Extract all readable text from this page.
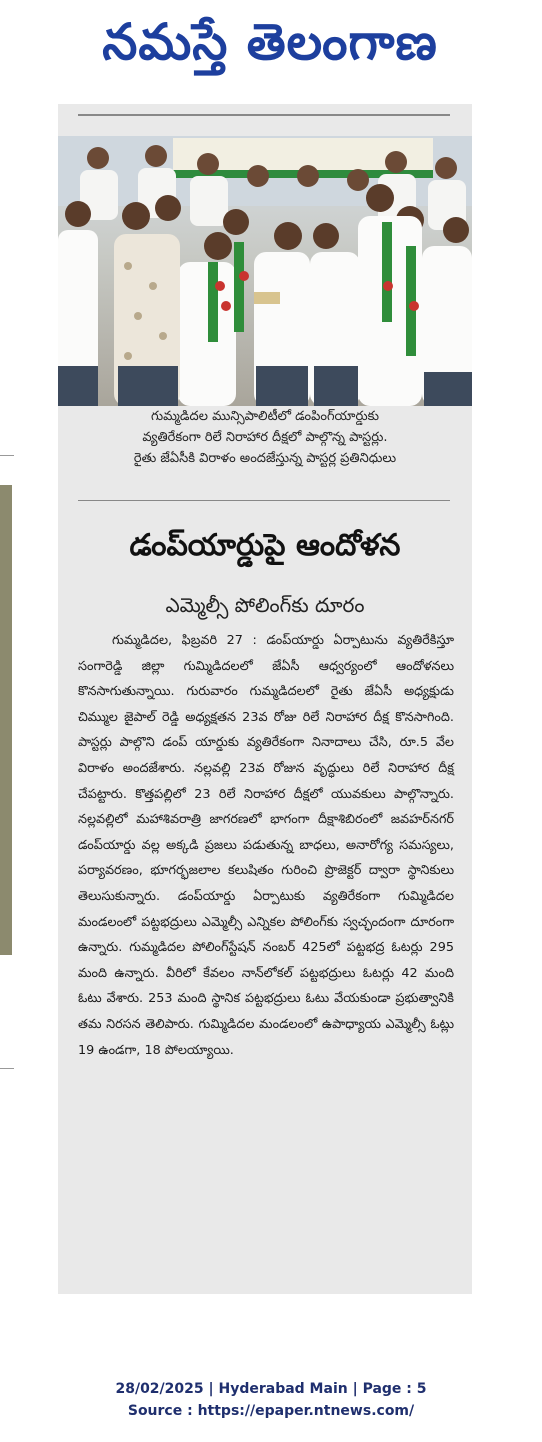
నమస్తే తెలంగాణ
గుమ్మడిదల మున్సిపాలిటీలో డంపింగ్‌యార్డుకు
వ్యతిరేకంగా రిలే నిరాహార దీక్షలో పాల్గొన్న పాస్టర్లు.
రైతు జేఏసీకి విరాళం అందజేస్తున్న పాస్టర్ల ప్రతినిధులు
డంప్‌యార్డుపై ఆందోళన
ఎమ్మెల్సీ పోలింగ్‌కు దూరం
గుమ్మడిదల, ఫిబ్రవరి 27 : డంప్‌యార్డు ఏర్పాటును వ్యతిరేకిస్తూ సంగారెడ్డి జిల్లా గుమ్మిడిదలలో జేఏసీ ఆధ్వర్యంలో ఆందోళనలు కొనసాగుతున్నాయి. గురువారం గుమ్మడిదలలో రైతు జేఏసీ అధ్యక్షుడు చిమ్ముల జైపాల్ రెడ్డి అధ్యక్షతన 23వ రోజు రిలే నిరాహార దీక్ష కొనసాగింది. పాస్టర్లు పాల్గొని డంప్ యార్డుకు వ్యతిరేకంగా నినాదాలు చేసి, రూ.5 వేల విరాళం అందజేశారు. నల్లవల్లి 23వ రోజున వృద్ధులు రిలే నిరాహార దీక్ష చేపట్టారు. కొత్తపల్లిలో 23 రిలే నిరాహార దీక్షలో యువకులు పాల్గొన్నారు. నల్లవల్లిలో మహాశివరాత్రి జాగరణలో భాగంగా దీక్షాశిబిరంలో జవహర్‌నగర్ డంప్‌యార్డు వల్ల అక్కడి ప్రజలు పడుతున్న బాధలు, అనారోగ్య సమస్యలు, పర్యావరణం, భూగర్భజలాల కలుషితం గురించి ప్రొజెక్టర్ ద్వారా స్థానికులు తెలుసుకున్నారు. డంప్‌యార్డు ఏర్పాటుకు వ్యతిరేకంగా గుమ్మిడిదల మండలంలో పట్టభద్రులు ఎమ్మెల్సీ ఎన్నికల పోలింగ్‌కు స్వచ్ఛందంగా దూరంగా ఉన్నారు. గుమ్మడిదల పోలింగ్‌స్టేషన్ నంబర్ 425లో పట్టభద్ర ఓటర్లు 295 మంది ఉన్నారు. వీరిలో కేవలం నాన్‌లోకల్ పట్టభద్రులు ఓటర్లు 42 మంది ఓటు వేశారు. 253 మంది స్థానిక పట్టభద్రులు ఓటు వేయకుండా ప్రభుత్వానికి తమ నిరసన తెలిపారు. గుమ్మిడిదల మండలంలో ఉపాధ్యాయ ఎమ్మెల్సీ ఓట్లు 19 ఉండగా, 18 పోలయ్యాయి.
28/02/2025 | Hyderabad Main | Page : 5
Source : https://epaper.ntnews.com/
